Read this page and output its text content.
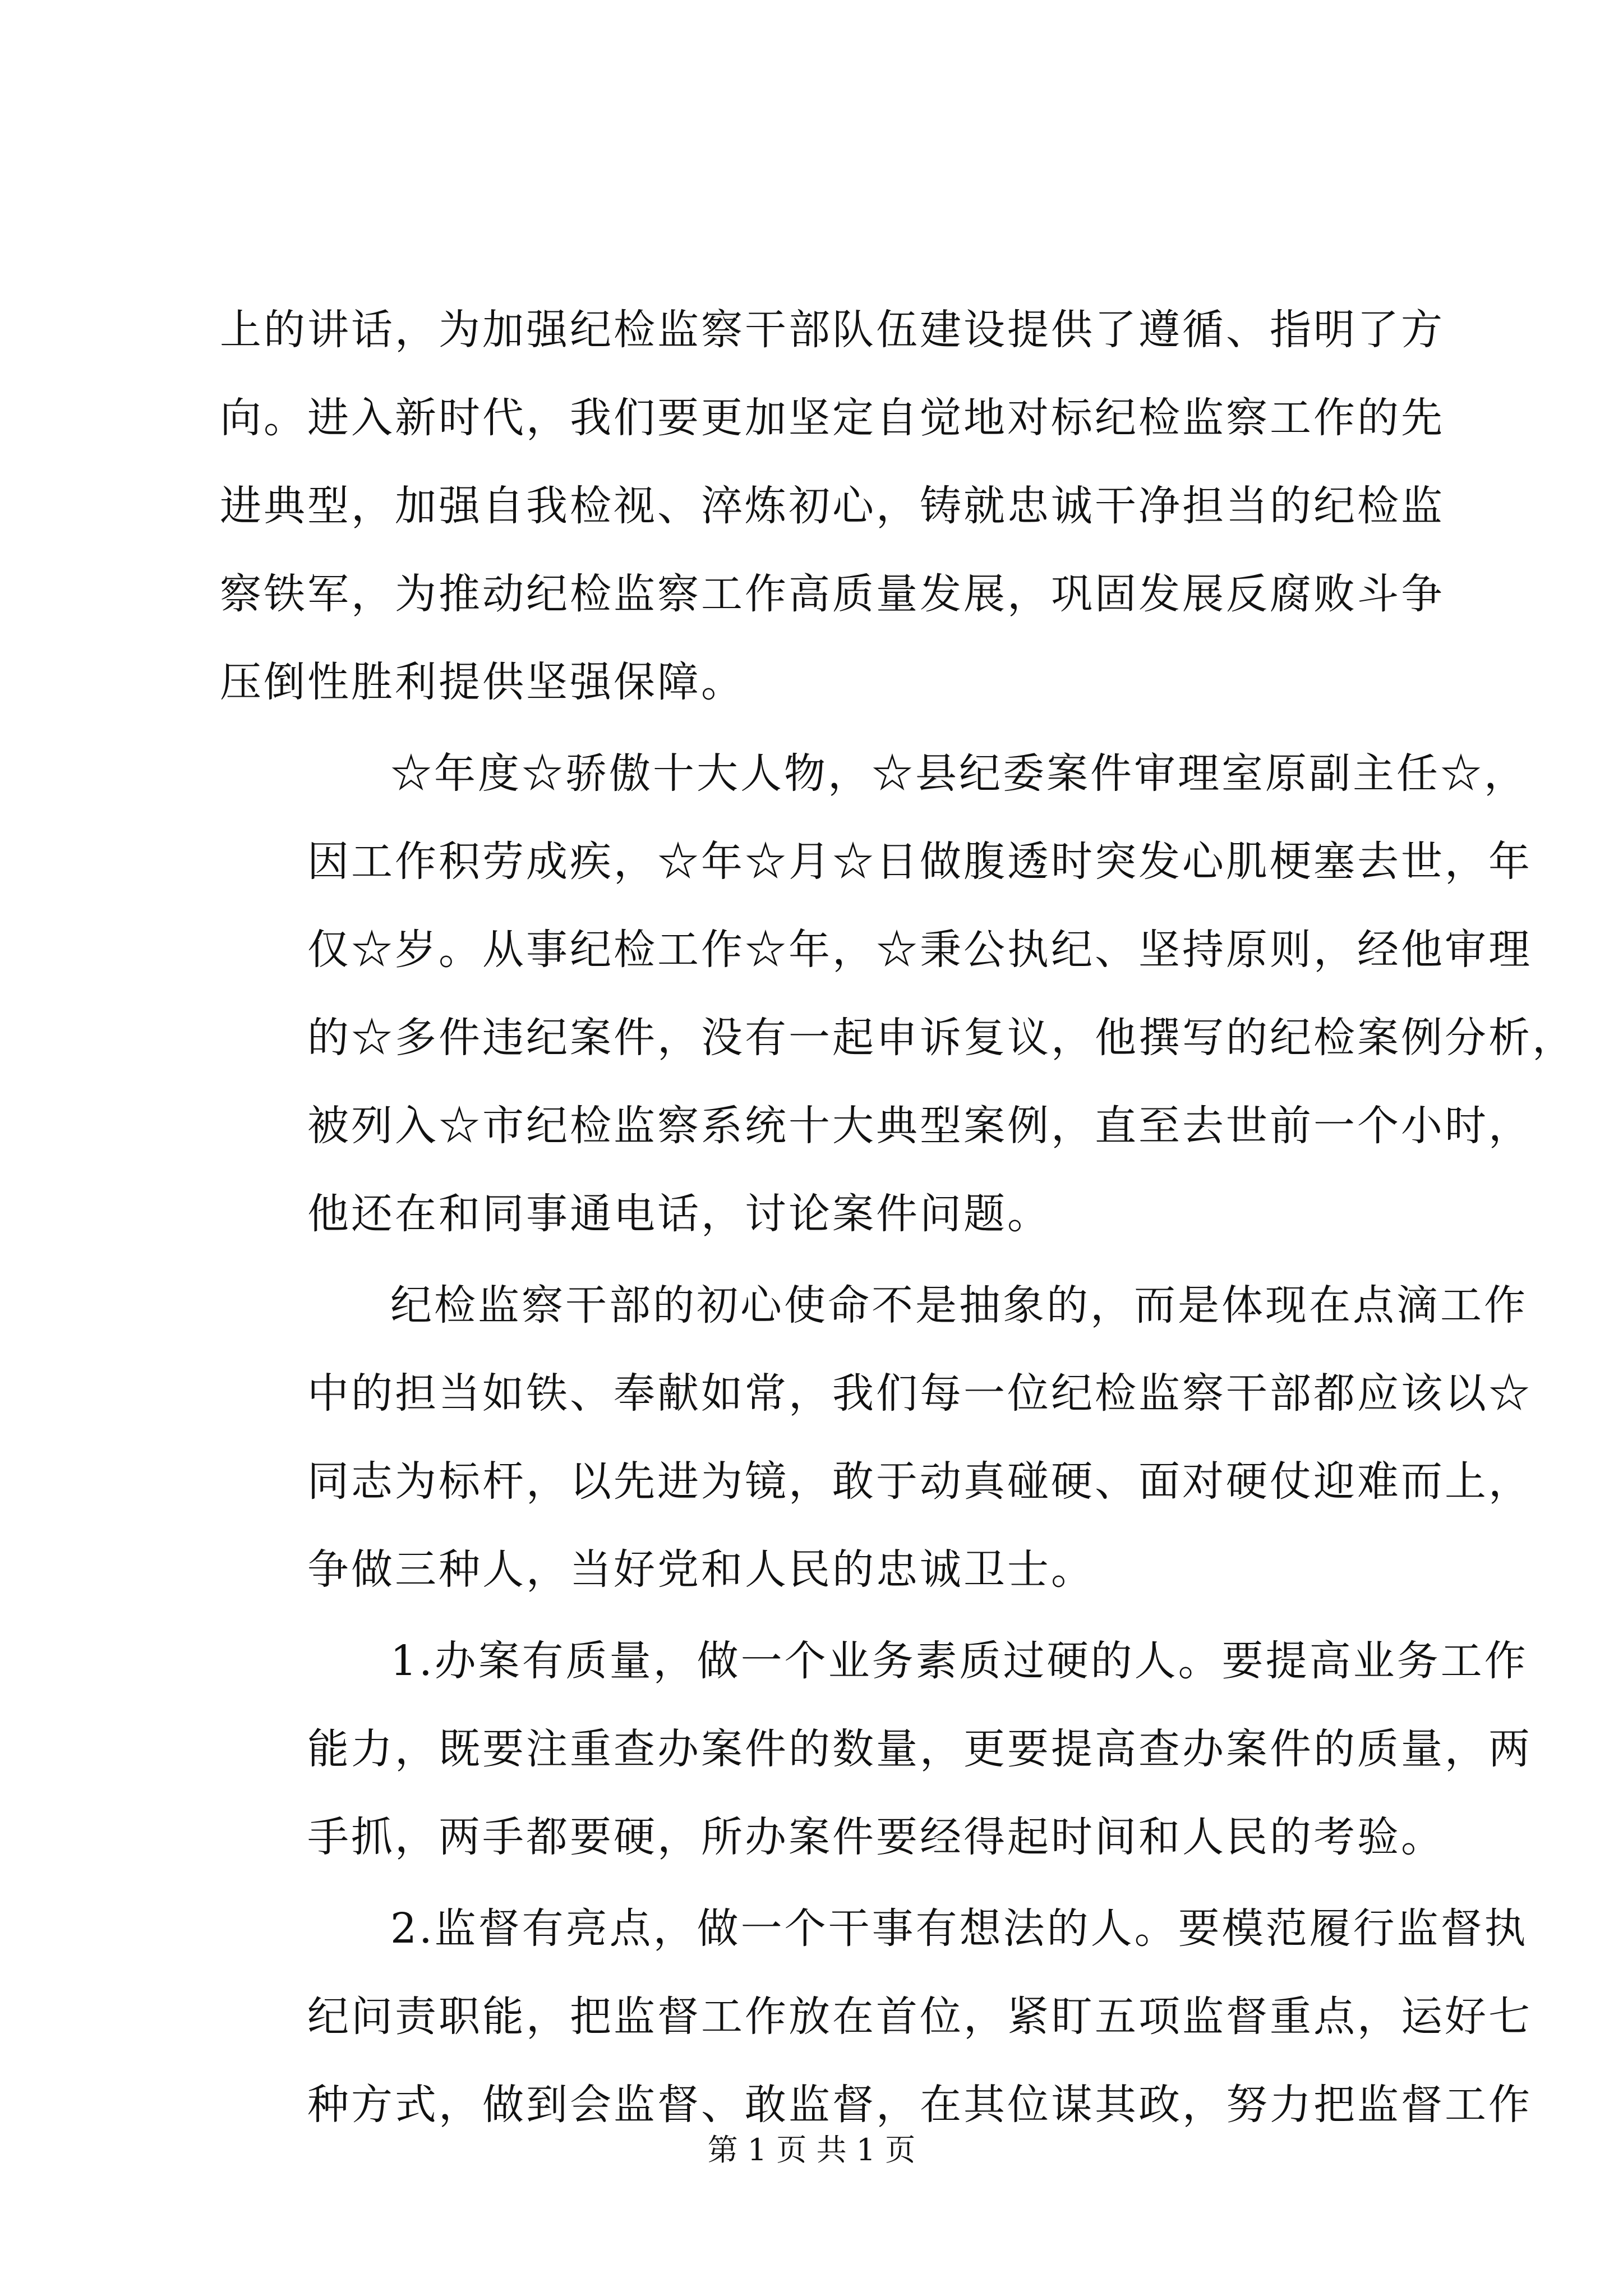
上的讲话，为加强纪检监察干部队伍建设提供了遵循、指明了方
向。进入新时代，我们要更加坚定自觉地对标纪检监察工作的先
进典型，加强自我检视、淬炼初心，铸就忠诚干净担当的纪检监
察铁军，为推动纪检监察工作高质量发展，巩固发展反腐败斗争
压倒性胜利提供坚强保障。

☆年度☆骄傲十大人物，☆县纪委案件审理室原副主任☆，
因工作积劳成疾，☆年☆月☆日做腹透时突发心肌梗塞去世，年
仅☆岁。从事纪检工作☆年，☆秉公执纪、坚持原则，经他审理
的☆多件违纪案件，没有一起申诉复议，他撰写的纪检案例分析，
被列入☆市纪检监察系统十大典型案例，直至去世前一个小时，
他还在和同事通电话，讨论案件问题。

纪检监察干部的初心使命不是抽象的，而是体现在点滴工作
中的担当如铁、奉献如常，我们每一位纪检监察干部都应该以☆
同志为标杆，以先进为镜，敢于动真碰硬、面对硬仗迎难而上，
争做三种人，当好党和人民的忠诚卫士。

1.办案有质量，做一个业务素质过硬的人。要提高业务工作
能力，既要注重查办案件的数量，更要提高查办案件的质量，两
手抓，两手都要硬，所办案件要经得起时间和人民的考验。

2.监督有亮点，做一个干事有想法的人。要模范履行监督执
纪问责职能，把监督工作放在首位，紧盯五项监督重点，运好七
种方式，做到会监督、敢监督，在其位谋其政，努力把监督工作

第 1 页 共 1 页
